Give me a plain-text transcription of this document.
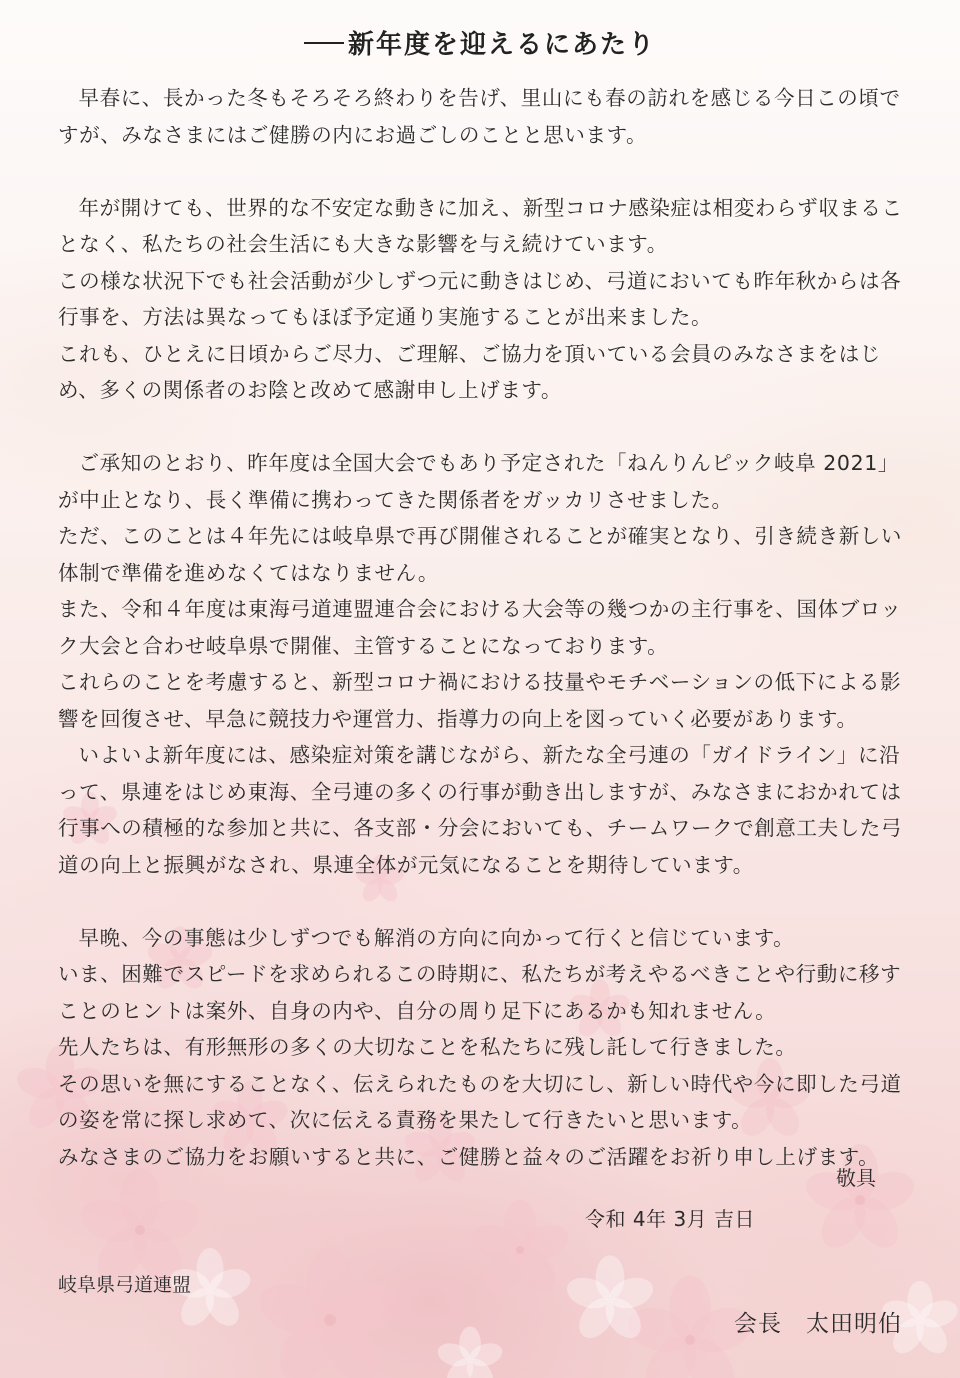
新年度を迎えるにあたり

早春に、長かった冬もそろそろ終わりを告げ、里山にも春の訪れを感じる今日この頃ですが、みなさまにはご健勝の内にお過ごしのことと思います。

年が開けても、世界的な不安定な動きに加え、新型コロナ感染症は相変わらず収まることなく、私たちの社会生活にも大きな影響を与え続けています。

この様な状況下でも社会活動が少しずつ元に動きはじめ、弓道においても昨年秋からは各行事を、方法は異なってもほぼ予定通り実施することが出来ました。

これも、ひとえに日頃からご尽力、ご理解、ご協力を頂いている会員のみなさまをはじめ、多くの関係者のお陰と改めて感謝申し上げます。

ご承知のとおり、昨年度は全国大会でもあり予定された「ねんりんピック岐阜 2021」が中止となり、長く準備に携わってきた関係者をガッカリさせました。

ただ、このことは４年先には岐阜県で再び開催されることが確実となり、引き続き新しい体制で準備を進めなくてはなりません。

また、令和４年度は東海弓道連盟連合会における大会等の幾つかの主行事を、国体ブロック大会と合わせ岐阜県で開催、主管することになっております。

これらのことを考慮すると、新型コロナ禍における技量やモチベーションの低下による影響を回復させ、早急に競技力や運営力、指導力の向上を図っていく必要があります。

いよいよ新年度には、感染症対策を講じながら、新たな全弓連の「ガイドライン」に沿って、県連をはじめ東海、全弓連の多くの行事が動き出しますが、みなさまにおかれては行事への積極的な参加と共に、各支部・分会においても、チームワークで創意工夫した弓道の向上と振興がなされ、県連全体が元気になることを期待しています。

早晩、今の事態は少しずつでも解消の方向に向かって行くと信じています。

いま、困難でスピードを求められるこの時期に、私たちが考えやるべきことや行動に移すことのヒントは案外、自身の内や、自分の周り足下にあるかも知れません。

先人たちは、有形無形の多くの大切なことを私たちに残し託して行きました。

その思いを無にすることなく、伝えられたものを大切にし、新しい時代や今に即した弓道の姿を常に探し求めて、次に伝える責務を果たして行きたいと思います。

みなさまのご協力をお願いすると共に、ご健勝と益々のご活躍をお祈り申し上げます。

敬具
令和 4年 3月 吉日
岐阜県弓道連盟
会長　太田明伯
